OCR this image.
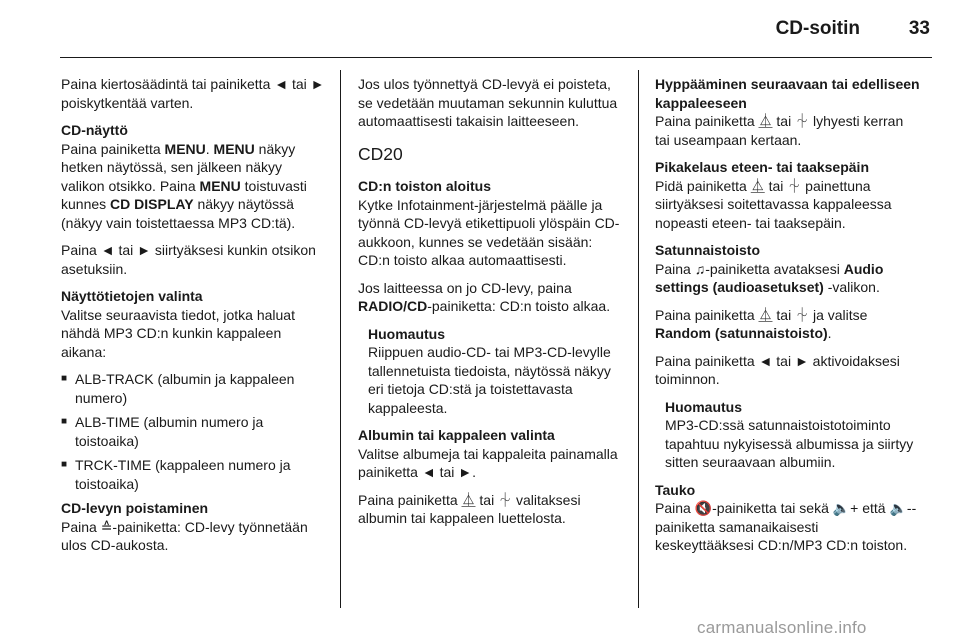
CD-soitin	33

Paina kiertosäädintä tai painiketta ◄ tai ► poiskytkentää varten.

CD-näyttö

Paina painiketta MENU. MENU näkyy hetken näytössä, sen jälkeen näkyy valikon otsikko. Paina MENU toistuvasti kunnes CD DISPLAY näkyy näytössä (näkyy vain toistettaessa MP3 CD:tä).

Paina ◄ tai ► siirtyäksesi kunkin otsikon asetuksiin.

Näyttötietojen valinta

Valitse seuraavista tiedot, jotka haluat nähdä MP3 CD:n kunkin kappaleen aikana:

■ ALB-TRACK (albumin ja kappaleen numero)
■ ALB-TIME (albumin numero ja toistoaika)
■ TRCK-TIME (kappaleen numero ja toistoaika)

CD-levyn poistaminen

Paina ≙-painiketta: CD-levy työnnetään ulos CD-aukosta.

Jos ulos työnnettyä CD-levyä ei poisteta, se vedetään muutaman sekunnin kuluttua automaattisesti takaisin laitteeseen.

CD20

CD:n toiston aloitus

Kytke Infotainment-järjestelmä päälle ja työnnä CD-levyä etikettipuoli ylöspäin CD-aukkoon, kunnes se vedetään sisään: CD:n toisto alkaa automaattisesti.

Jos laitteessa on jo CD-levy, paina RADIO/CD-painiketta: CD:n toisto alkaa.

Huomautus
Riippuen audio-CD- tai MP3-CD-levylle tallennetuista tiedoista, näytössä näkyy eri tietoja CD:stä ja toistettavasta kappaleesta.

Albumin tai kappaleen valinta

Valitse albumeja tai kappaleita painamalla painiketta ◄ tai ►.

Paina painiketta ⏅ tai ⏆ valitaksesi albumin tai kappaleen luettelosta.

Hyppääminen seuraavaan tai edelliseen kappaleeseen

Paina painiketta ⏅ tai ⏆ lyhyesti kerran tai useampaan kertaan.

Pikakelaus eteen- tai taaksepäin

Pidä painiketta ⏅ tai ⏆ painettuna siirtyäksesi soitettavassa kappaleessa nopeasti eteen- tai taaksepäin.

Satunnaistoisto

Paina ♫-painiketta avataksesi Audio settings (audioasetukset) -valikon.

Paina painiketta ⏅ tai ⏆ ja valitse Random (satunnaistoisto).

Paina painiketta ◄ tai ► aktivoidaksesi toiminnon.

Huomautus
MP3-CD:ssä satunnaistoistotoiminto tapahtuu nykyisessä albumissa ja siirtyy sitten seuraavaan albumiin.

Tauko

Paina 🔇-painiketta tai sekä 🔈+ että 🔈--painiketta samanaikaisesti keskeyttääksesi CD:n/MP3 CD:n toiston.

carmanualsonline.info
